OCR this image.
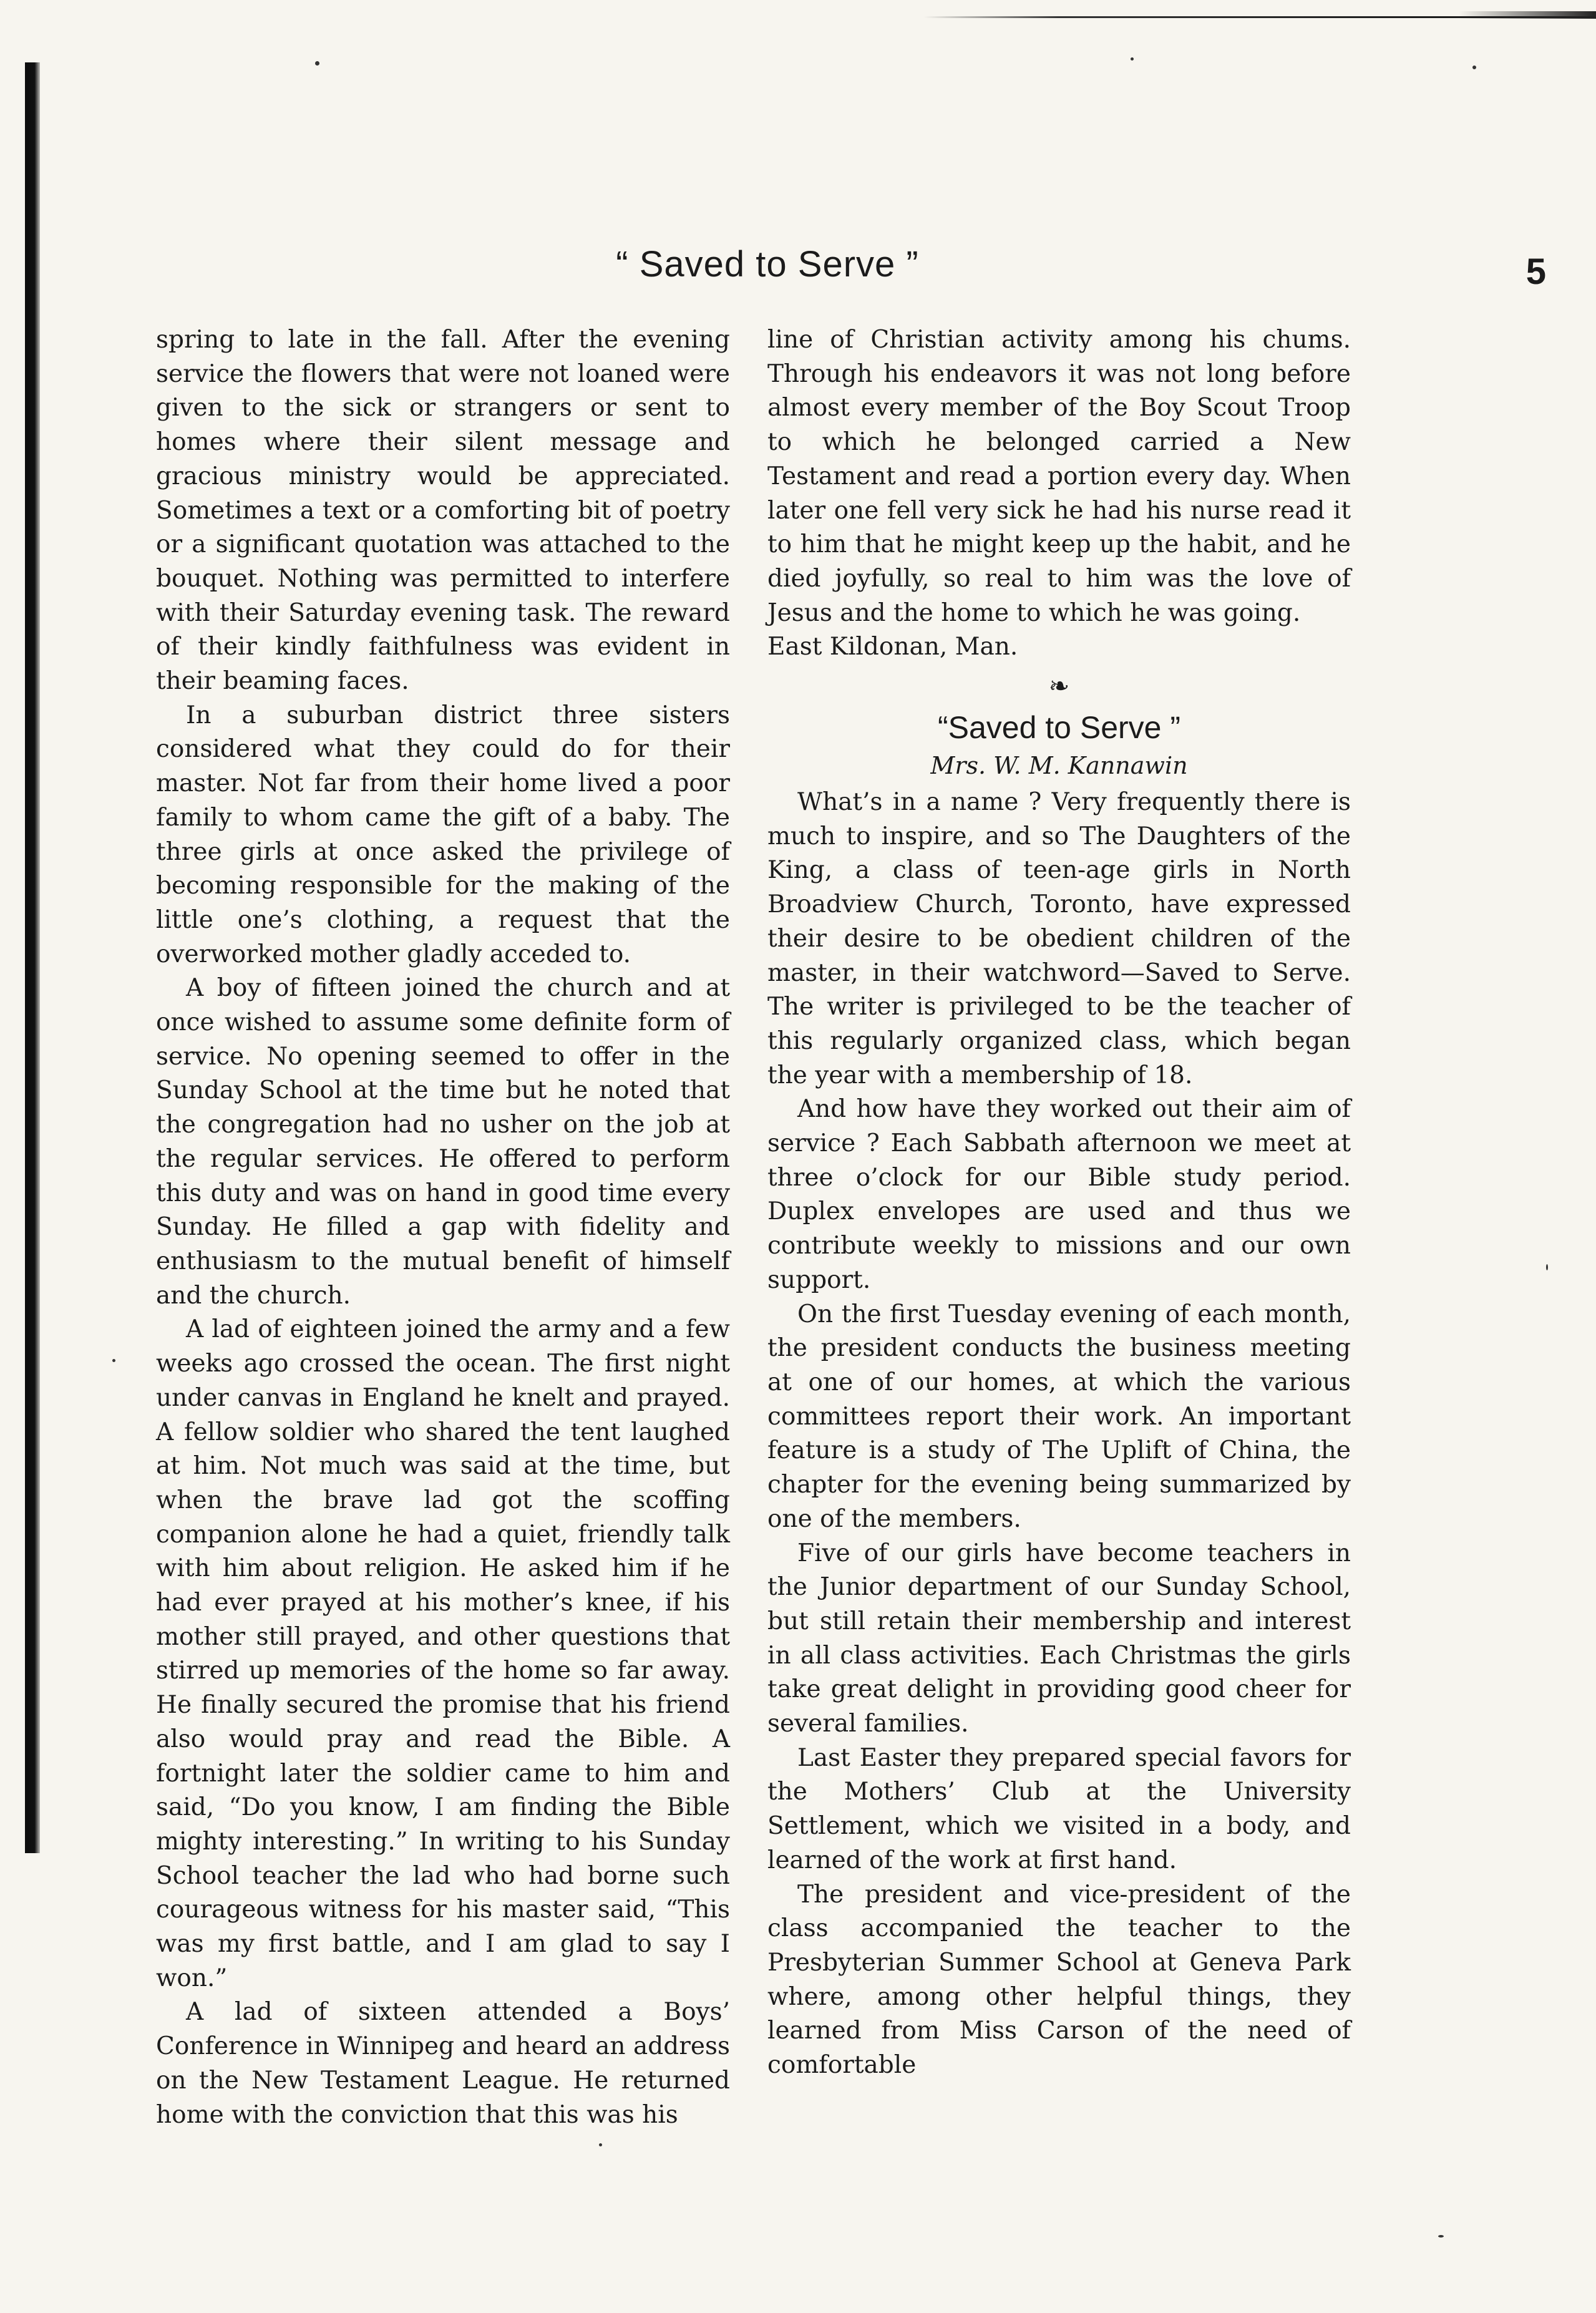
“ Saved to Serve ”	5

spring to late in the fall. After the evening service the flowers that were not loaned were given to the sick or strangers or sent to homes where their silent message and gracious ministry would be appreciated. Sometimes a text or a comforting bit of poetry or a significant quotation was attached to the bouquet. Nothing was permitted to interfere with their Saturday evening task. The reward of their kindly faithfulness was evident in their beaming faces.

In a suburban district three sisters considered what they could do for their master. Not far from their home lived a poor family to whom came the gift of a baby. The three girls at once asked the privilege of becoming responsible for the making of the little one’s clothing, a request that the overworked mother gladly acceded to.

A boy of fifteen joined the church and at once wished to assume some definite form of service. No opening seemed to offer in the Sunday School at the time but he noted that the congregation had no usher on the job at the regular services. He offered to perform this duty and was on hand in good time every Sunday. He filled a gap with fidelity and enthusiasm to the mutual benefit of himself and the church.

A lad of eighteen joined the army and a few weeks ago crossed the ocean. The first night under canvas in England he knelt and prayed. A fellow soldier who shared the tent laughed at him. Not much was said at the time, but when the brave lad got the scoffing companion alone he had a quiet, friendly talk with him about religion. He asked him if he had ever prayed at his mother’s knee, if his mother still prayed, and other questions that stirred up memories of the home so far away. He finally secured the promise that his friend also would pray and read the Bible. A fortnight later the soldier came to him and said, “Do you know, I am finding the Bible mighty interesting.” In writing to his Sunday School teacher the lad who had borne such courageous witness for his master said, “This was my first battle, and I am glad to say I won.”

A lad of sixteen attended a Boys’ Conference in Winnipeg and heard an address on the New Testament League. He returned home with the conviction that this was his

line of Christian activity among his chums. Through his endeavors it was not long before almost every member of the Boy Scout Troop to which he belonged carried a New Testament and read a portion every day. When later one fell very sick he had his nurse read it to him that he might keep up the habit, and he died joyfully, so real to him was the love of Jesus and the home to which he was going.

East Kildonan, Man.

❧
“Saved to Serve ”
Mrs. W. M. Kannawin

What’s in a name ? Very frequently there is much to inspire, and so The Daughters of the King, a class of teen-age girls in North Broadview Church, Toronto, have expressed their desire to be obedient children of the master, in their watchword—Saved to Serve. The writer is privileged to be the teacher of this regularly organized class, which began the year with a membership of 18.

And how have they worked out their aim of service ? Each Sabbath afternoon we meet at three o’clock for our Bible study period. Duplex envelopes are used and thus we contribute weekly to missions and our own support.

On the first Tuesday evening of each month, the president conducts the business meeting at one of our homes, at which the various committees report their work. An important feature is a study of The Uplift of China, the chapter for the evening being summarized by one of the members.

Five of our girls have become teachers in the Junior department of our Sunday School, but still retain their membership and interest in all class activities. Each Christmas the girls take great delight in providing good cheer for several families.

Last Easter they prepared special favors for the Mothers’ Club at the University Settlement, which we visited in a body, and learned of the work at first hand.

The president and vice-president of the class accompanied the teacher to the Presbyterian Summer School at Geneva Park where, among other helpful things, they learned from Miss Carson of the need of comfortable
